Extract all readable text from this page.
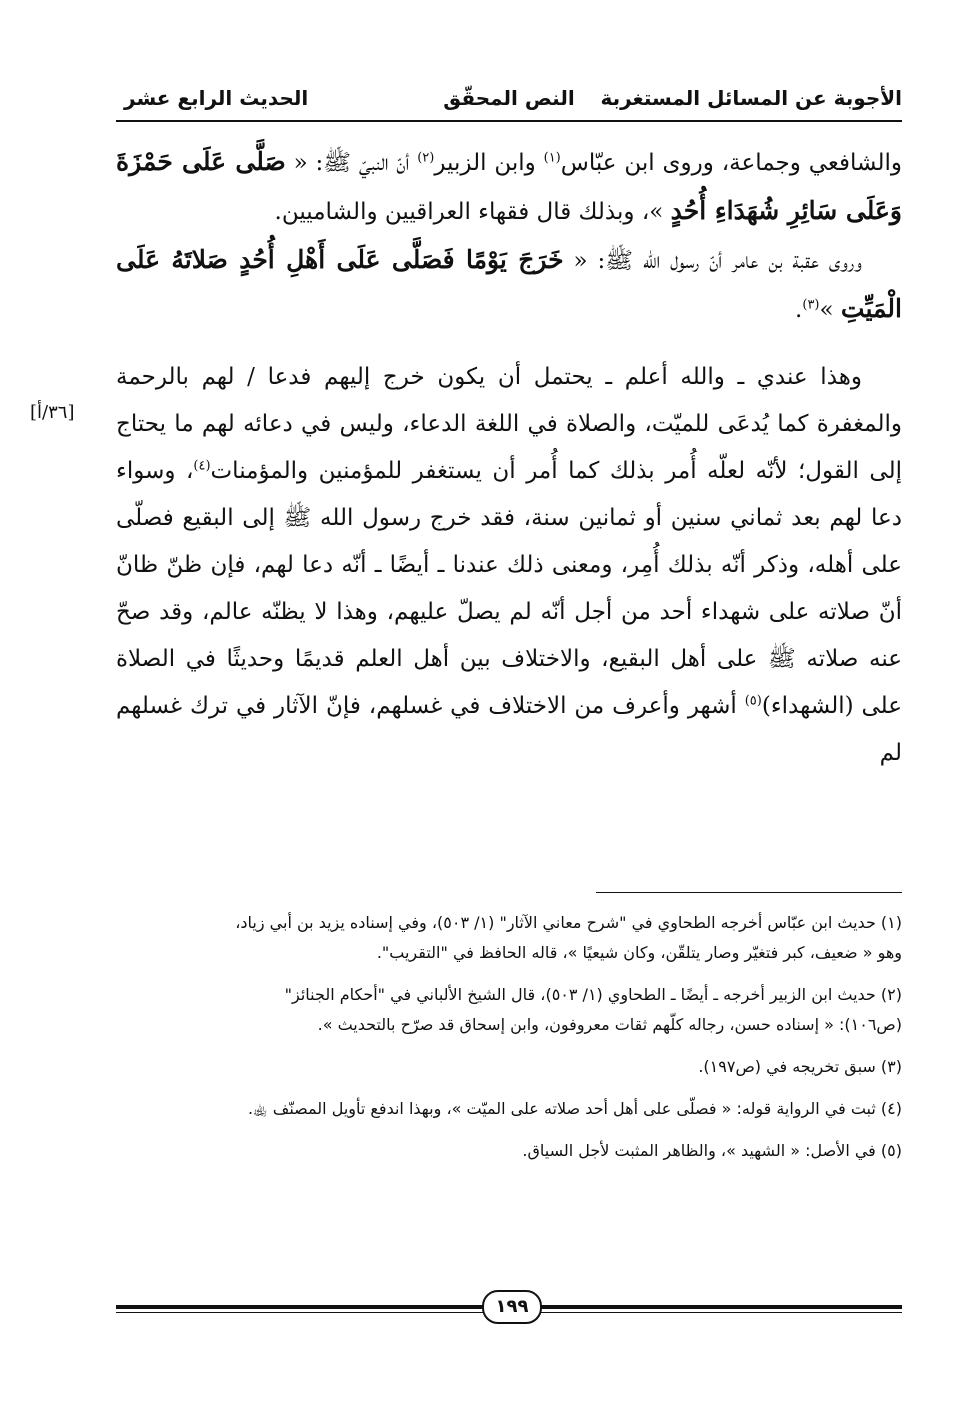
الأجوبة عن المسائل المستغربة
النص المحقّق
الحديث الرابع عشر
[٣٦/أ]

والشافعي وجماعة، وروى ابن عبّاس$^{(١)}$ وابن الزبير$^{(٢)}$ أنّ النبيّ ﷺ: « صَلَّى عَلَى حَمْزَةَ وَعَلَى سَائِرِ شُهَدَاءِ أُحُدٍ »، وبذلك قال فقهاء العراقيين والشاميين.

وروى عقبة بن عامر أنّ رسول الله ﷺ: « خَرَجَ يَوْمًا فَصَلَّى عَلَى أَهْلِ أُحُدٍ صَلاتَهُ عَلَى الْمَيِّتِ »$^{(٣)}$.

وهذا عندي ـ والله أعلم ـ يحتمل أن يكون خرج إليهم فدعا / لهم بالرحمة والمغفرة كما يُدعَى للميّت، والصلاة في اللغة الدعاء، وليس في دعائه لهم ما يحتاج إلى القول؛ لأنّه لعلّه أُمر بذلك كما أُمر أن يستغفر للمؤمنين والمؤمنات$^{(٤)}$، وسواء دعا لهم بعد ثماني سنين أو ثمانين سنة، فقد خرج رسول الله ﷺ إلى البقيع فصلّى على أهله، وذكر أنّه بذلك أُمِر، ومعنى ذلك عندنا ـ أيضًا ـ أنّه دعا لهم، فإن ظنّ ظانّ أنّ صلاته على شهداء أحد من أجل أنّه لم يصلّ عليهم، وهذا لا يظنّه عالم، وقد صحّ عنه صلاته ﷺ على أهل البقيع، والاختلاف بين أهل العلم قديمًا وحديثًا في الصلاة على (الشهداء)$^{(٥)}$ أشهر وأعرف من الاختلاف في غسلهم، فإنّ الآثار في ترك غسلهم لم

(١) حديث ابن عبّاس أخرجه الطحاوي في "شرح معاني الآثار" (١/ ٥٠٣)، وفي إسناده يزيد بن أبي زياد،
وهو « ضعيف، كبر فتغيّر وصار يتلقّن، وكان شيعيًا »، قاله الحافظ في "التقريب".
(٢) حديث ابن الزبير أخرجه ـ أيضًا ـ الطحاوي (١/ ٥٠٣)، قال الشيخ الألباني في "أحكام الجنائز"
(ص١٠٦): « إسناده حسن، رجاله كلّهم ثقات معروفون، وابن إسحاق قد صرّح بالتحديث ».
(٣) سبق تخريجه في (ص١٩٧).
(٤) ثبت في الرواية قوله: « فصلّى على أهل أحد صلاته على الميّت »، وبهذا اندفع تأويل المصنّف ﵀.
(٥) في الأصل: « الشهيد »، والظاهر المثبت لأجل السياق.
١٩٩
